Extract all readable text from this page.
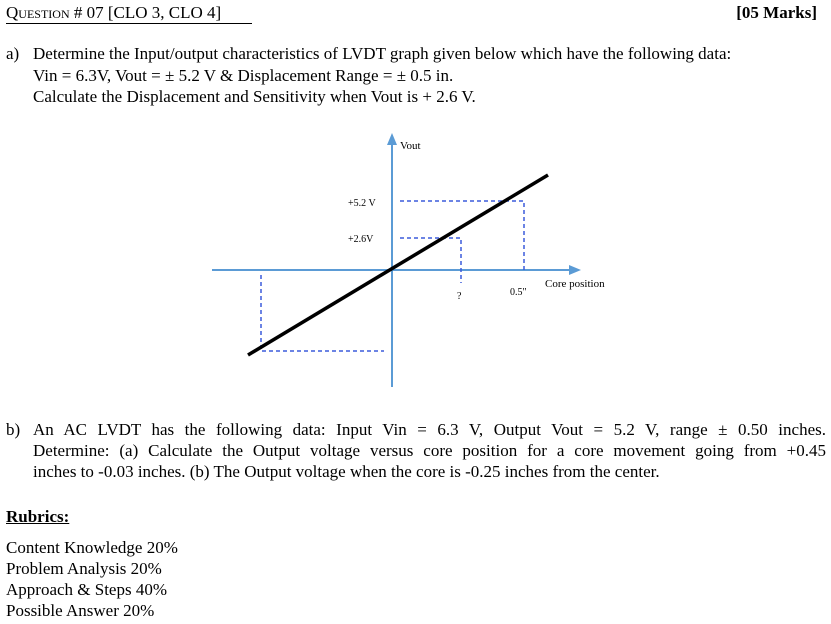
Question # 07 [CLO 3, CLO 4]	[05 Marks]
a) Determine the Input/output characteristics of LVDT graph given below which have the following data:
Vin = 6.3V, Vout = ± 5.2 V & Displacement Range = ± 0.5 in.
Calculate the Displacement and Sensitivity when Vout is + 2.6 V.
Vout
+5.2 V
+2.6V
?	0.5"
Core position
b) An AC LVDT has the following data: Input Vin = 6.3 V, Output Vout = 5.2 V, range ± 0.50 inches.
Determine: (a) Calculate the Output voltage versus core position for a core movement going from +0.45
inches to -0.03 inches. (b) The Output voltage when the core is -0.25 inches from the center.
Rubrics:
Content Knowledge 20%
Problem Analysis 20%
Approach & Steps 40%
Possible Answer 20%
